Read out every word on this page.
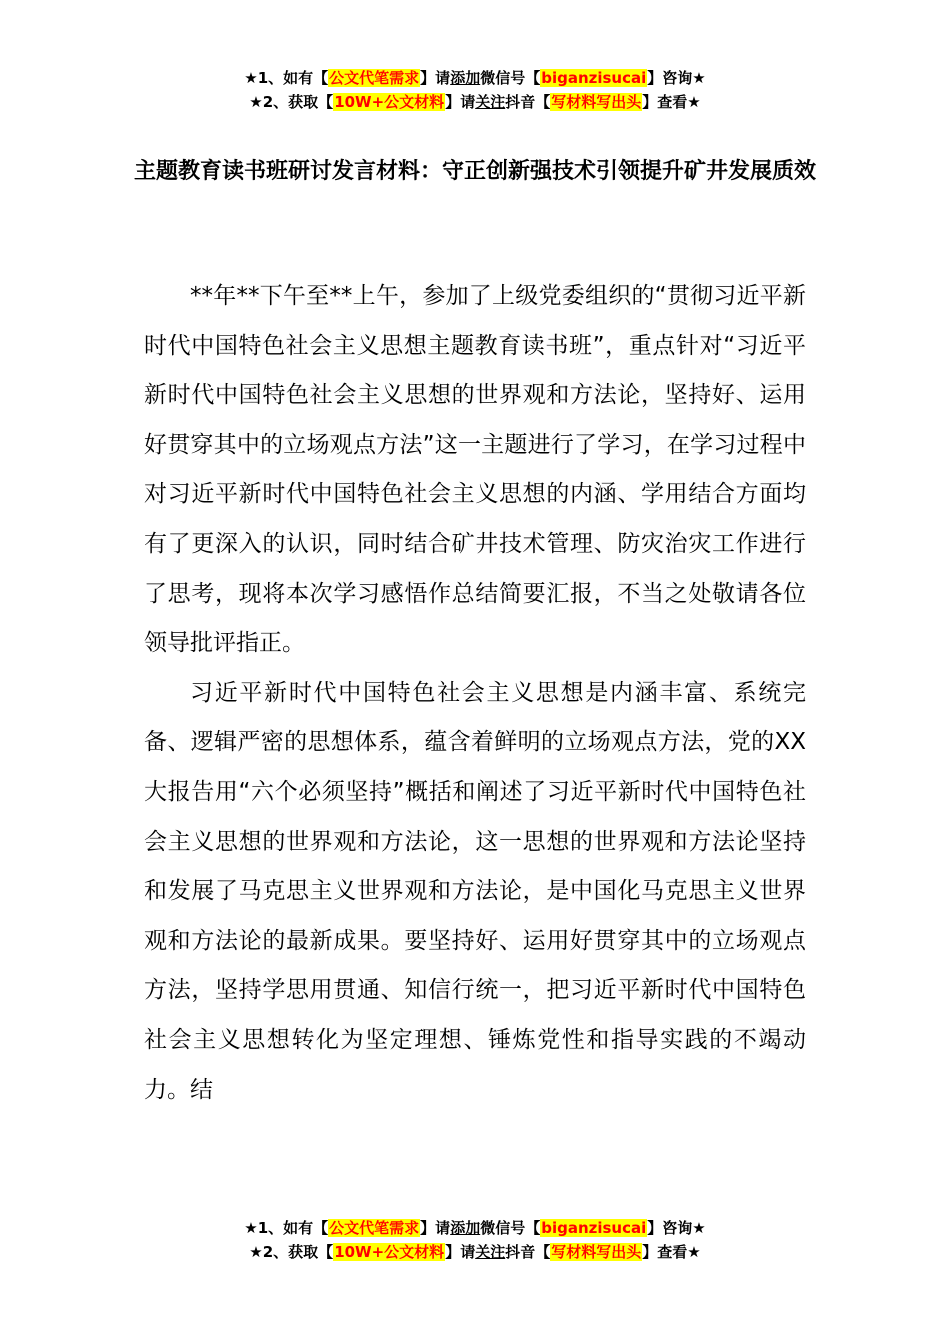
★1、如有【公文代笔需求】请添加微信号【biganzisucai】咨询★
★2、获取【10W+公文材料】请关注抖音【写材料写出头】查看★
主题教育读书班研讨发言材料：守正创新强技术引领提升矿井发展质效

**年**下午至**上午，参加了上级党委组织的“贯彻习近平新时代中国特色社会主义思想主题教育读书班”，重点针对“习近平新时代中国特色社会主义思想的世界观和方法论，坚持好、运用好贯穿其中的立场观点方法”这一主题进行了学习，在学习过程中对习近平新时代中国特色社会主义思想的内涵、学用结合方面均有了更深入的认识，同时结合矿井技术管理、防灾治灾工作进行了思考，现将本次学习感悟作总结简要汇报，不当之处敬请各位领导批评指正。

习近平新时代中国特色社会主义思想是内涵丰富、系统完备、逻辑严密的思想体系，蕴含着鲜明的立场观点方法，党的XX大报告用“六个必须坚持”概括和阐述了习近平新时代中国特色社会主义思想的世界观和方法论，这一思想的世界观和方法论坚持和发展了马克思主义世界观和方法论，是中国化马克思主义世界观和方法论的最新成果。要坚持好、运用好贯穿其中的立场观点方法，坚持学思用贯通、知信行统一，把习近平新时代中国特色社会主义思想转化为坚定理想、锤炼党性和指导实践的不竭动力。结

★1、如有【公文代笔需求】请添加微信号【biganzisucai】咨询★
★2、获取【10W+公文材料】请关注抖音【写材料写出头】查看★
